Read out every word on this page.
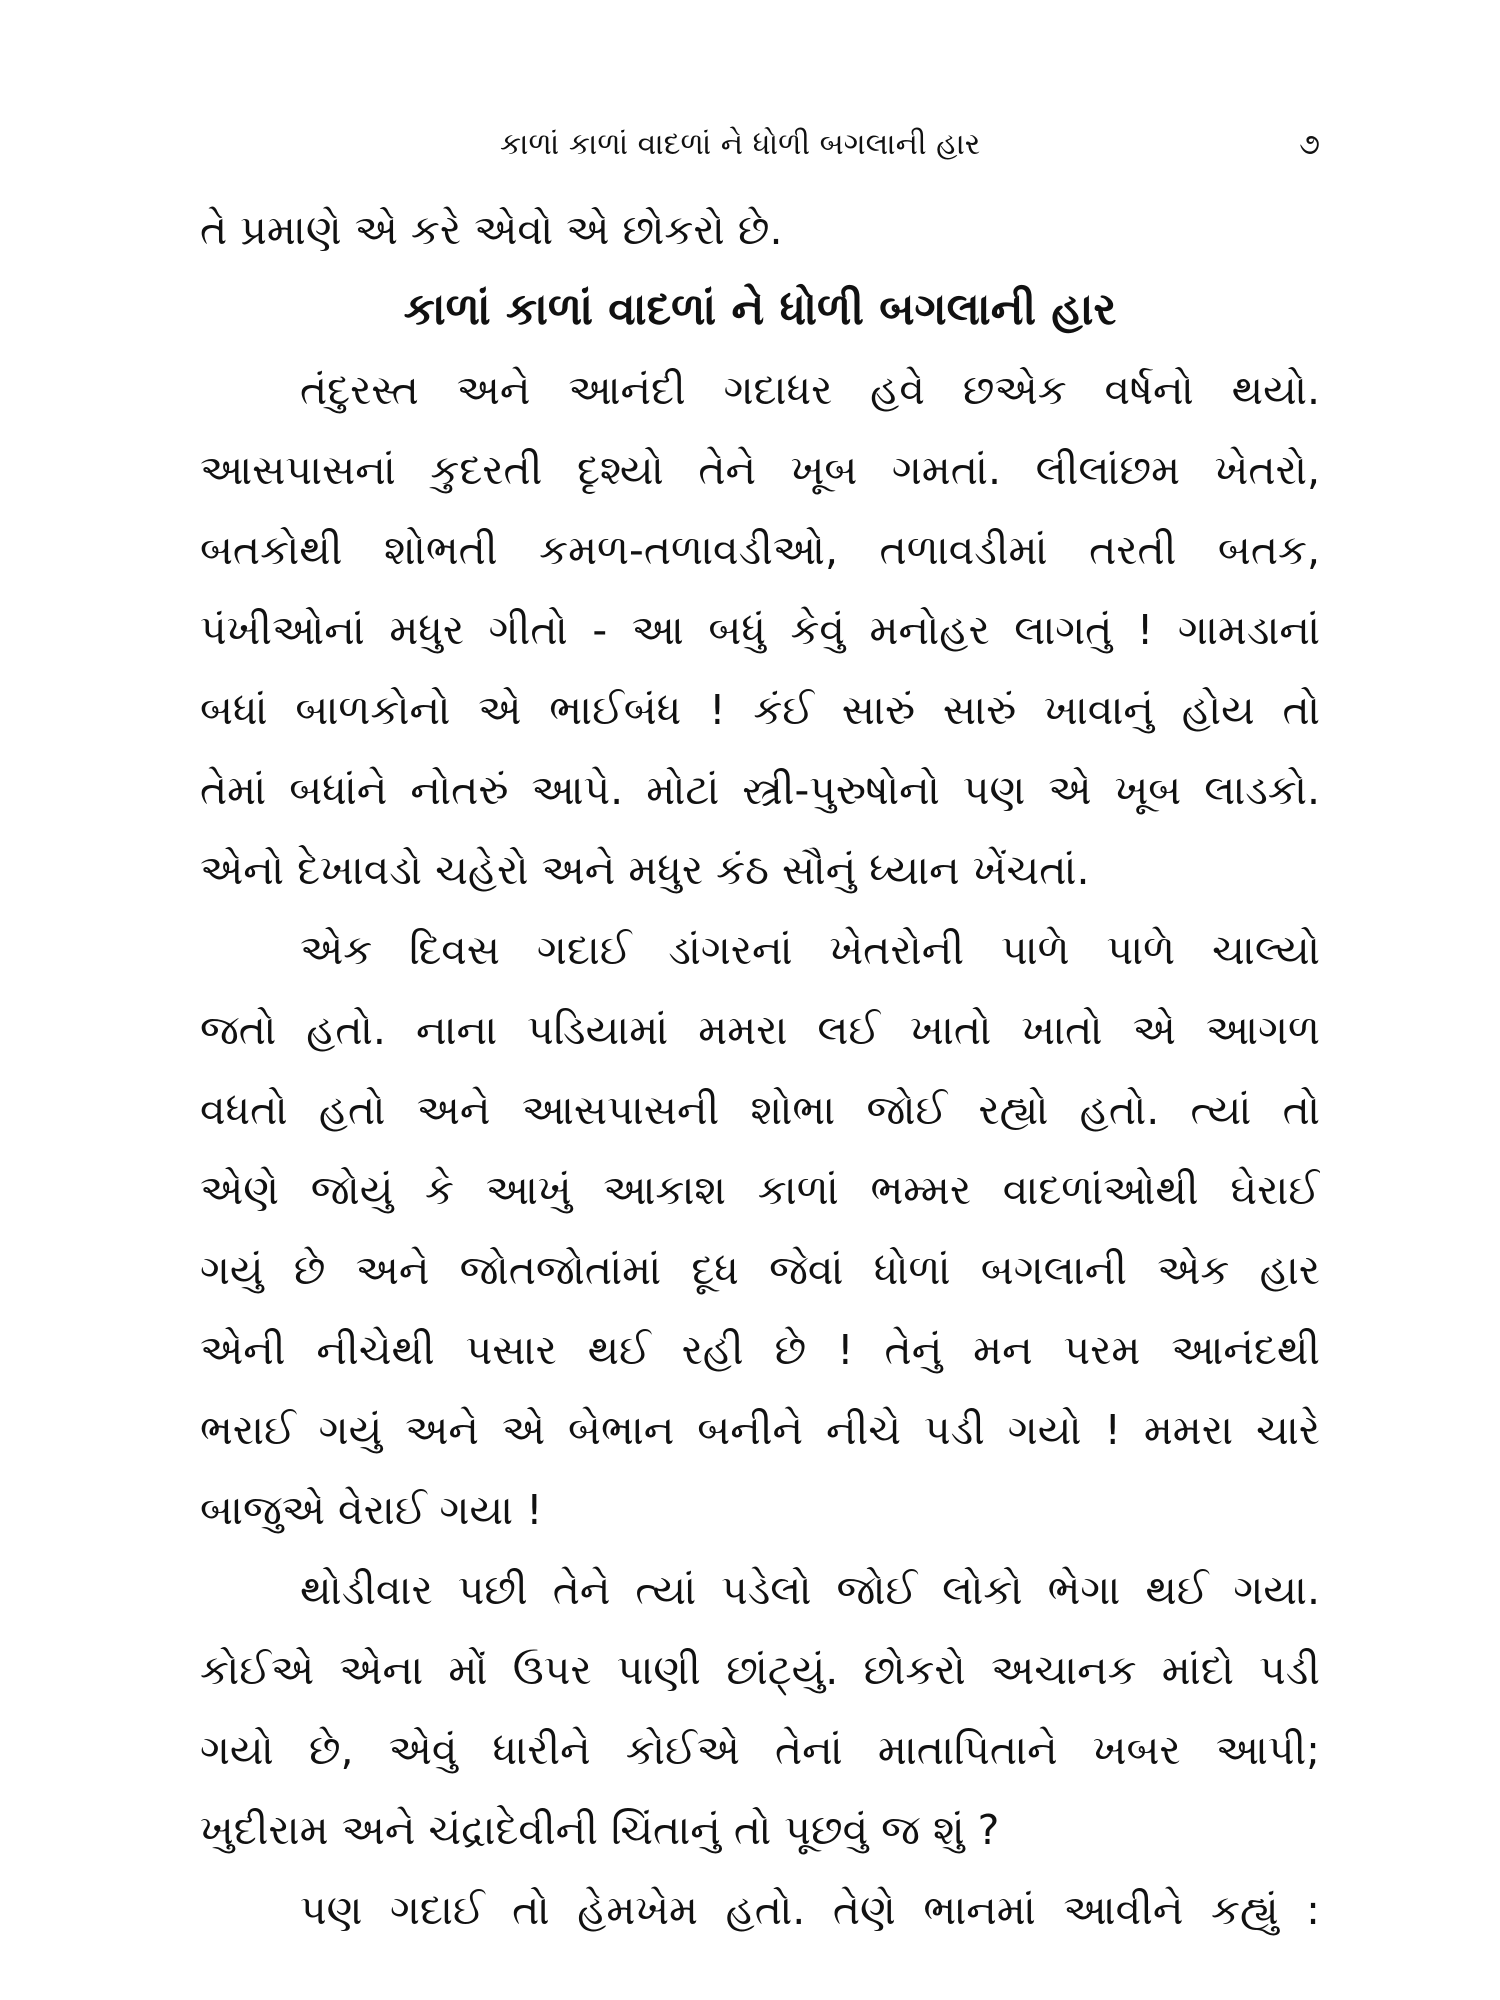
કાળાં કાળાં વાદળાં ને ધોળી બગલાની હાર	૭

તે પ્રમાણે એ કરે એવો એ છોકરો છે.

કાળાં કાળાં વાદળાં ને ધોળી બગલાની હાર

તંદુરસ્ત અને આનંદી ગદાધર હવે છએક વર્ષનો થયો.

આસપાસનાં કુદરતી દૃશ્યો તેને ખૂબ ગમતાં. લીલાંછમ ખેતરો,

બતકોથી શોભતી કમળ-તળાવડીઓ, તળાવડીમાં તરતી બતક,

પંખીઓનાં મધુર ગીતો - આ બધું કેવું મનોહર લાગતું ! ગામડાનાં

બધાં બાળકોનો એ ભાઈબંધ ! કંઈ સારું સારું ખાવાનું હોય તો

તેમાં બધાંને નોતરું આપે. મોટાં સ્ત્રી-પુરુષોનો પણ એ ખૂબ લાડકો.

એનો દેખાવડો ચહેરો અને મધુર કંઠ સૌનું ધ્યાન ખેંચતાં.

એક દિવસ ગદાઈ ડાંગરનાં ખેતરોની પાળે પાળે ચાલ્યો

જતો હતો. નાના પડિયામાં મમરા લઈ ખાતો ખાતો એ આગળ

વધતો હતો અને આસપાસની શોભા જોઈ રહ્યો હતો. ત્યાં તો

એણે જોયું કે આખું આકાશ કાળાં ભમ્મર વાદળાંઓથી ઘેરાઈ

ગયું છે અને જોતજોતાંમાં દૂધ જેવાં ધોળાં બગલાની એક હાર

એની નીચેથી પસાર થઈ રહી છે ! તેનું મન પરમ આનંદથી

ભરાઈ ગયું અને એ બેભાન બનીને નીચે પડી ગયો ! મમરા ચારે

બાજુએ વેરાઈ ગયા !

થોડીવાર પછી તેને ત્યાં પડેલો જોઈ લોકો ભેગા થઈ ગયા.

કોઈએ એના મોં ઉપર પાણી છાંટ્યું. છોકરો અચાનક માંદો પડી

ગયો છે, એવું ધારીને કોઈએ તેનાં માતાપિતાને ખબર આપી;

ખુદીરામ અને ચંદ્રાદેવીની ચિંતાનું તો પૂછવું જ શું ?

પણ ગદાઈ તો હેમખેમ હતો. તેણે ભાનમાં આવીને કહ્યું :
